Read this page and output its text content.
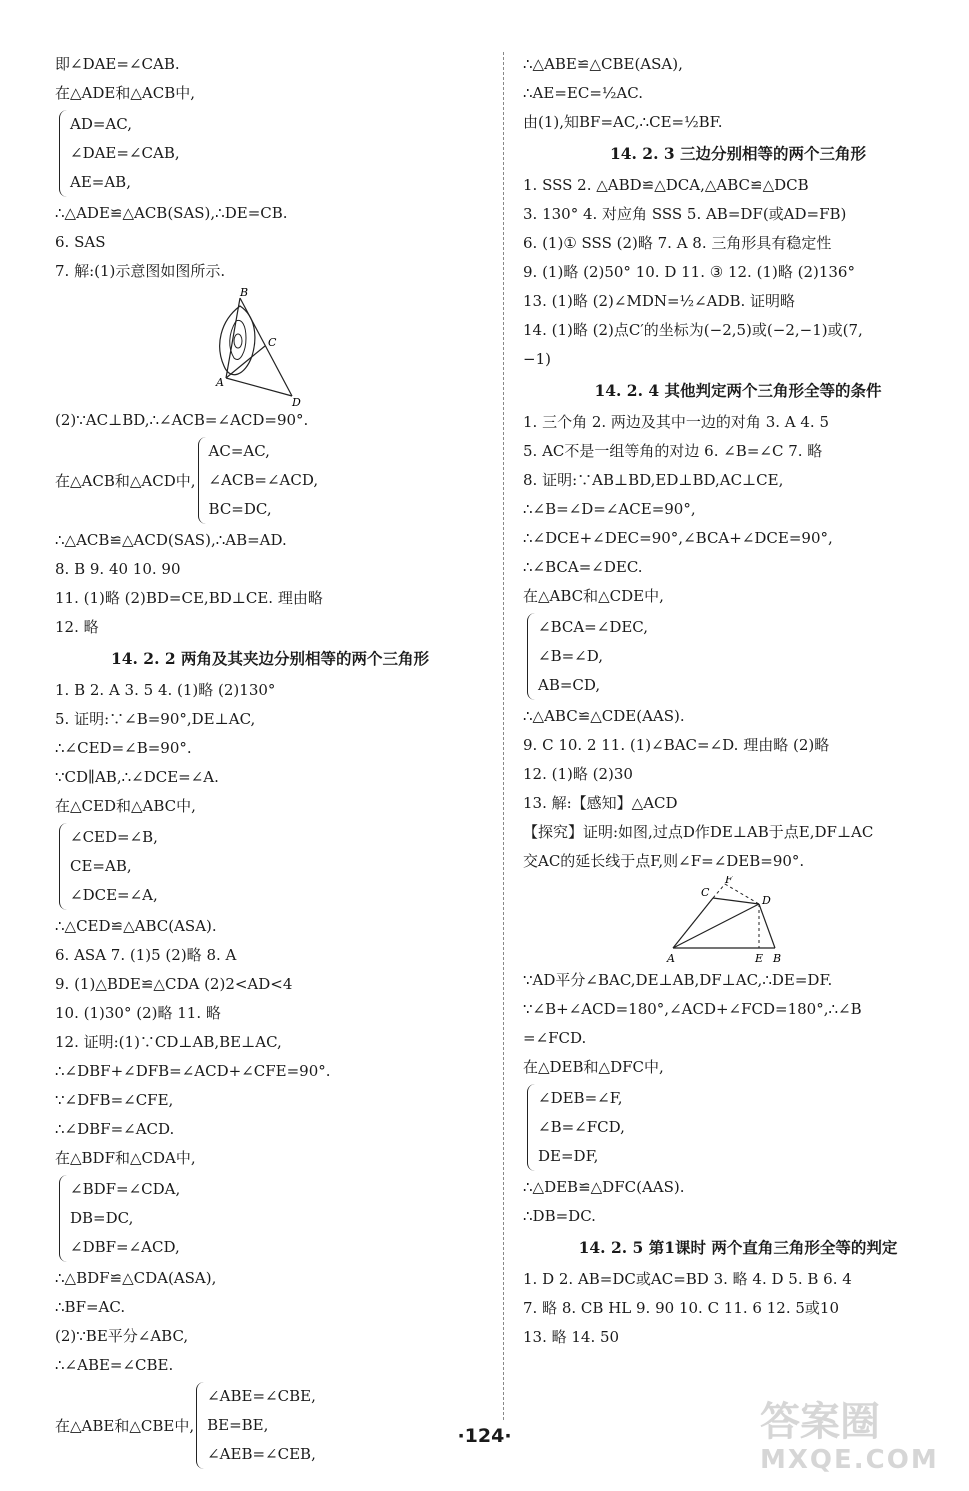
即∠DAE=∠CAB.
在△ADE和△ACB中,
AD=AC,
∠DAE=∠CAB,
AE=AB,
∴△ADE≌△ACB(SAS),∴DE=CB.
6. SAS
7. 解:(1)示意图如图所示.
B
C
A
D
(2)∵AC⊥BD,∴∠ACB=∠ACD=90°.
在△ACB和△ACD中,
AC=AC,
∠ACB=∠ACD,
BC=DC,
∴△ACB≌△ACD(SAS),∴AB=AD.
8. B 9. 40 10. 90
11. (1)略 (2)BD=CE,BD⊥CE. 理由略
12. 略
14. 2. 2 两角及其夹边分别相等的两个三角形
1. B 2. A 3. 5 4. (1)略 (2)130°
5. 证明:∵∠B=90°,DE⊥AC,
∴∠CED=∠B=90°.
∵CD∥AB,∴∠DCE=∠A.
在△CED和△ABC中,
∠CED=∠B,
CE=AB,
∠DCE=∠A,
∴△CED≌△ABC(ASA).
6. ASA 7. (1)5 (2)略 8. A
9. (1)△BDE≌△CDA (2)2<AD<4
10. (1)30° (2)略 11. 略
12. 证明:(1)∵CD⊥AB,BE⊥AC,
∴∠DBF+∠DFB=∠ACD+∠CFE=90°.
∵∠DFB=∠CFE,
∴∠DBF=∠ACD.
在△BDF和△CDA中,
∠BDF=∠CDA,
DB=DC,
∠DBF=∠ACD,
∴△BDF≌△CDA(ASA),
∴BF=AC.
(2)∵BE平分∠ABC,
∴∠ABE=∠CBE.
在△ABE和△CBE中,
∠ABE=∠CBE,
BE=BE,
∠AEB=∠CEB,
∴△ABE≌△CBE(ASA),
∴AE=EC=½AC.
由(1),知BF=AC,∴CE=½BF.
14. 2. 3 三边分别相等的两个三角形
1. SSS 2. △ABD≌△DCA,△ABC≌△DCB
3. 130° 4. 对应角 SSS 5. AB=DF(或AD=FB)
6. (1)① SSS (2)略 7. A 8. 三角形具有稳定性
9. (1)略 (2)50° 10. D 11. ③ 12. (1)略 (2)136°
13. (1)略 (2)∠MDN=½∠ADB. 证明略
14. (1)略 (2)点C′的坐标为(−2,5)或(−2,−1)或(7,
−1)
14. 2. 4 其他判定两个三角形全等的条件
1. 三个角 2. 两边及其中一边的对角 3. A 4. 5
5. AC不是一组等角的对边 6. ∠B=∠C 7. 略
8. 证明:∵AB⊥BD,ED⊥BD,AC⊥CE,
∴∠B=∠D=∠ACE=90°,
∴∠DCE+∠DEC=90°,∠BCA+∠DCE=90°,
∴∠BCA=∠DEC.
在△ABC和△CDE中,
∠BCA=∠DEC,
∠B=∠D,
AB=CD,
∴△ABC≌△CDE(AAS).
9. C 10. 2 11. (1)∠BAC=∠D. 理由略 (2)略
12. (1)略 (2)30
13. 解:【感知】△ACD
【探究】证明:如图,过点D作DE⊥AB于点E,DF⊥AC
交AC的延长线于点F,则∠F=∠DEB=90°.
F
C
D
A	E B
∵AD平分∠BAC,DE⊥AB,DF⊥AC,∴DE=DF.
∵∠B+∠ACD=180°,∠ACD+∠FCD=180°,∴∠B
=∠FCD.
在△DEB和△DFC中,
∠DEB=∠F,
∠B=∠FCD,
DE=DF,
∴△DEB≌△DFC(AAS).
∴DB=DC.
14. 2. 5 第1课时 两个直角三角形全等的判定
1. D 2. AB=DC或AC=BD 3. 略 4. D 5. B 6. 4
7. 略 8. CB HL 9. 90 10. C 11. 6 12. 5或10
13. 略 14. 50
·124·	答案圈
MXQE.COM
